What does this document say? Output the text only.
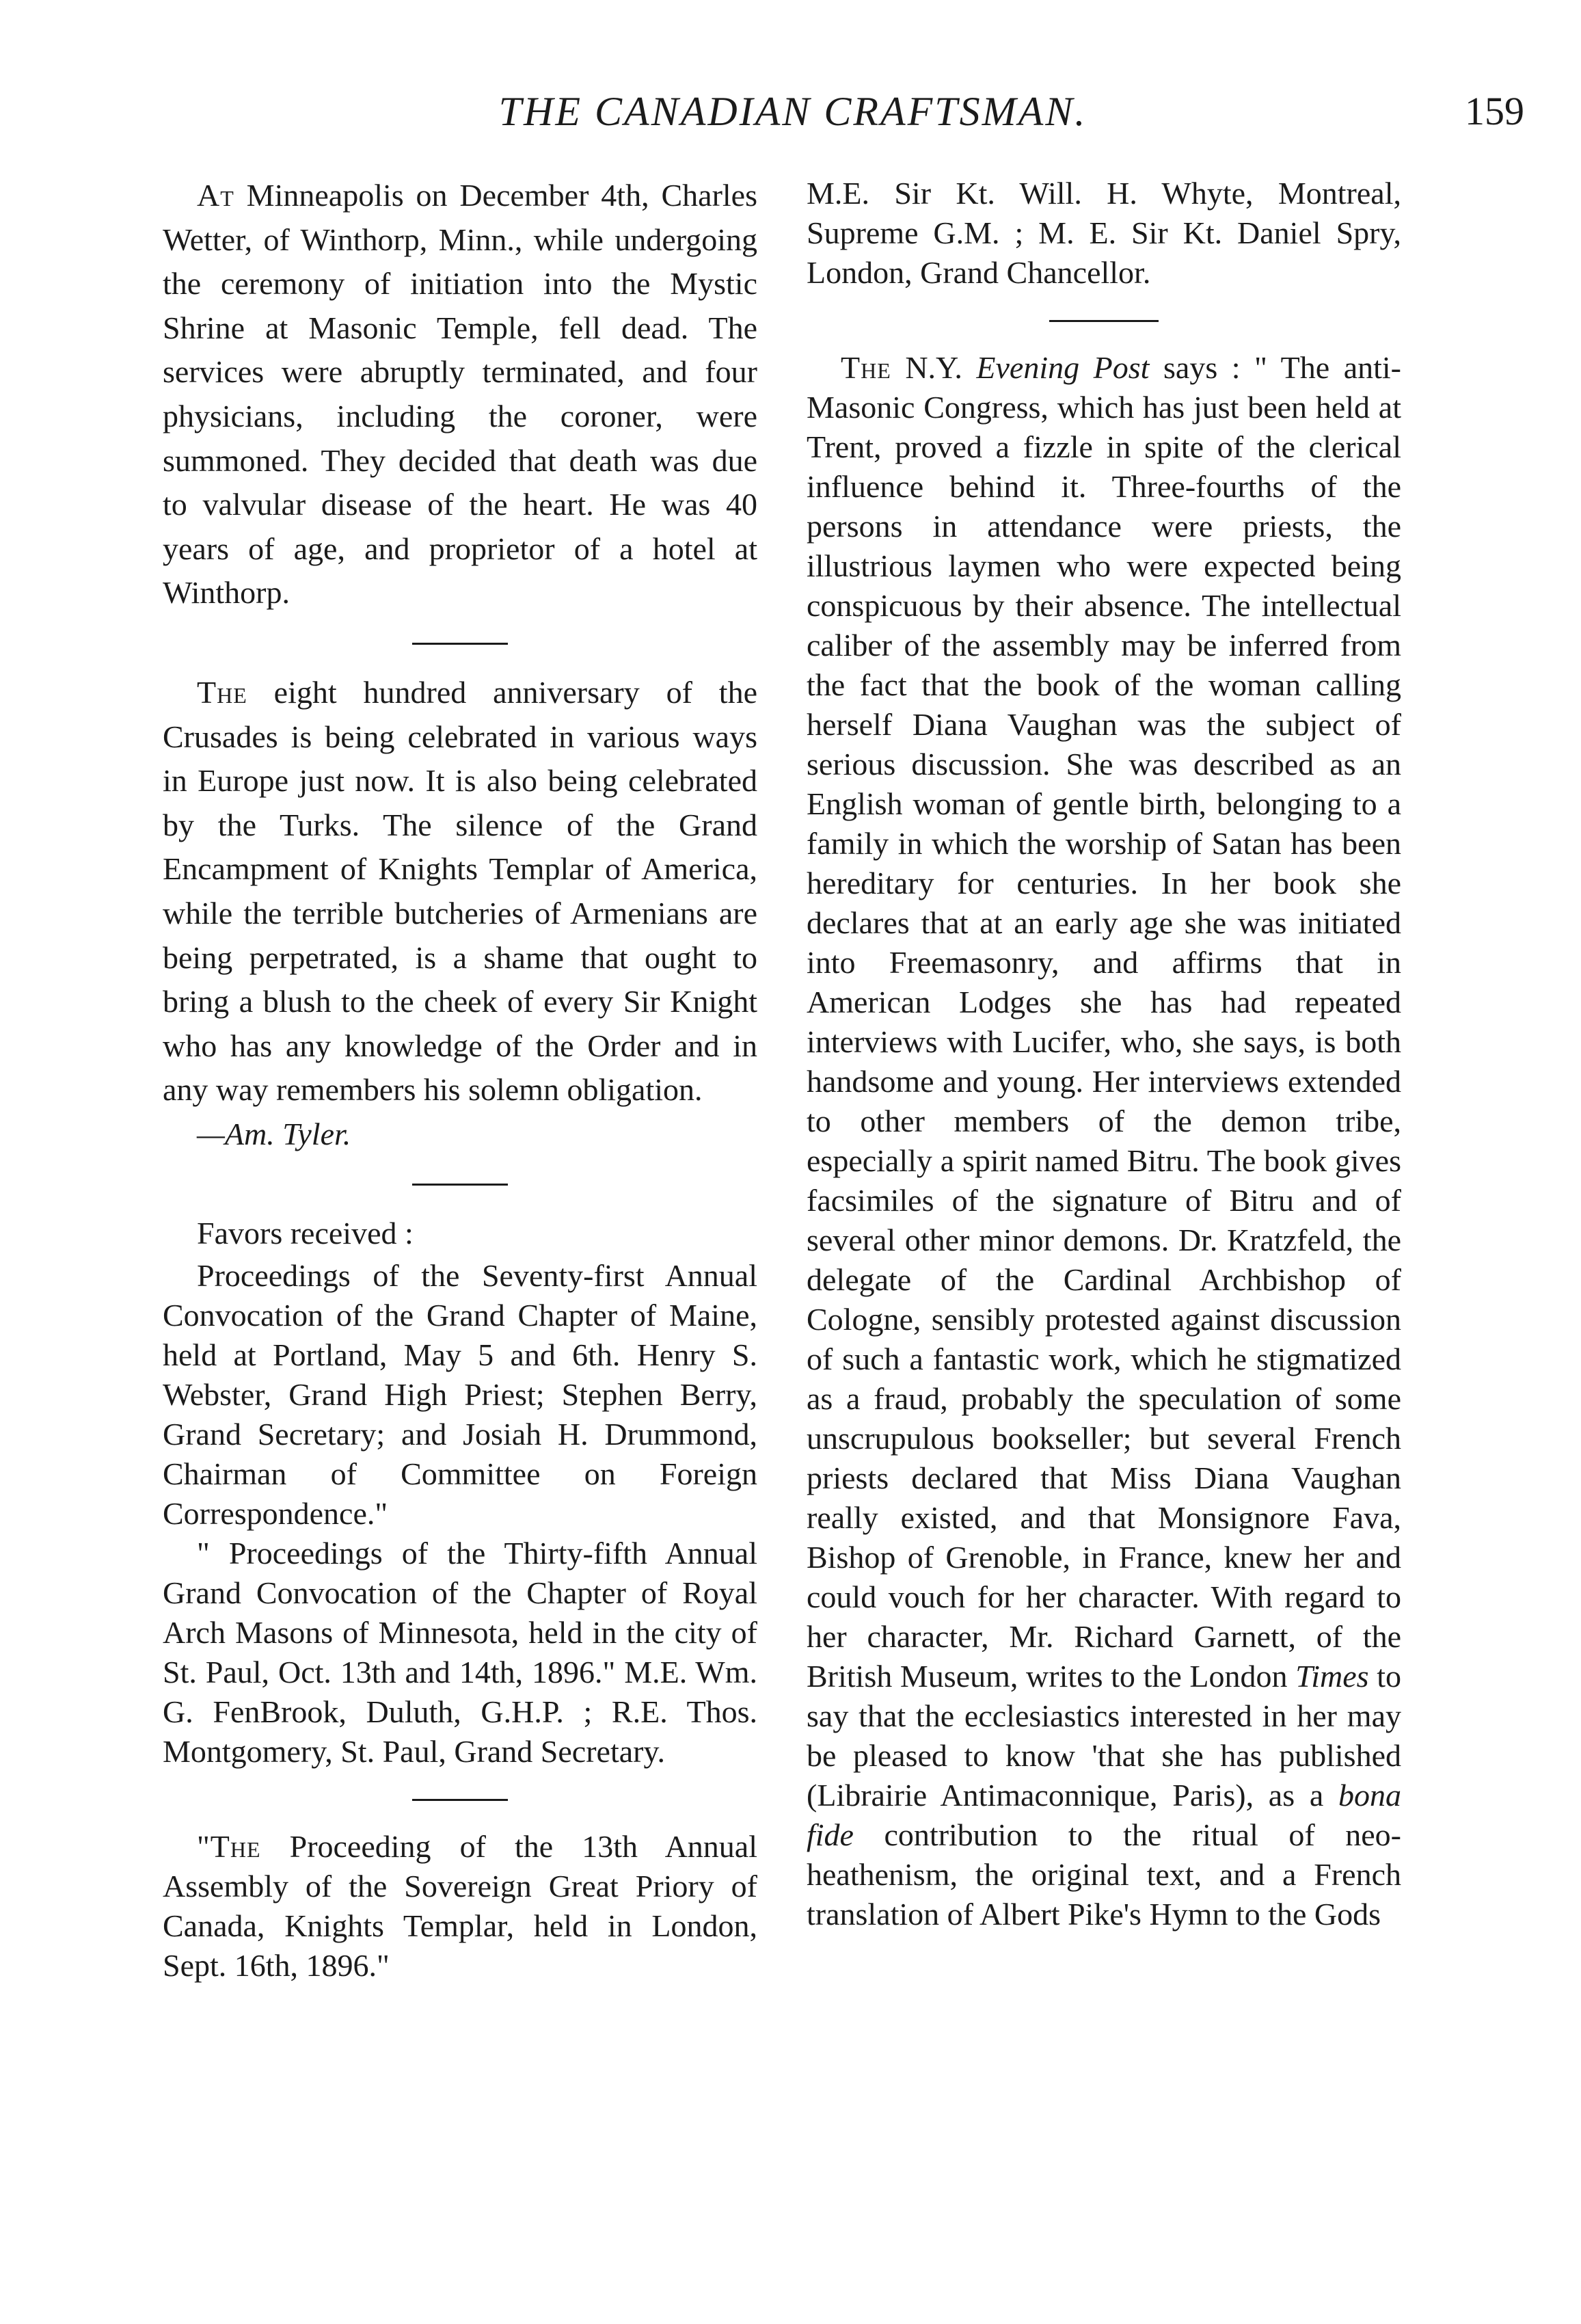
THE CANADIAN CRAFTSMAN.	159

At Minneapolis on December 4th, Charles Wetter, of Winthorp, Minn., while undergoing the ceremony of initiation into the Mystic Shrine at Masonic Temple, fell dead. The services were abruptly terminated, and four physicians, including the coroner, were summoned. They decided that death was due to valvular disease of the heart. He was 40 years of age, and proprietor of a hotel at Winthorp.

The eight hundred anniversary of the Crusades is being celebrated in various ways in Europe just now. It is also being celebrated by the Turks. The silence of the Grand Encampment of Knights Templar of America, while the terrible butcheries of Armenians are being perpetrated, is a shame that ought to bring a blush to the cheek of every Sir Knight who has any knowledge of the Order and in any way remembers his solemn obligation.

—Am. Tyler.

Favors received :

Proceedings of the Seventy-first Annual Convocation of the Grand Chapter of Maine, held at Portland, May 5 and 6th. Henry S. Webster, Grand High Priest; Stephen Berry, Grand Secretary; and Josiah H. Drummond, Chairman of Committee on Foreign Correspondence."

" Proceedings of the Thirty-fifth Annual Grand Convocation of the Chapter of Royal Arch Masons of Minnesota, held in the city of St. Paul, Oct. 13th and 14th, 1896." M.E. Wm. G. FenBrook, Duluth, G.H.P. ; R.E. Thos. Montgomery, St. Paul, Grand Secretary.

"The Proceeding of the 13th Annual Assembly of the Sovereign Great Priory of Canada, Knights Templar, held in London, Sept. 16th, 1896."

M.E. Sir Kt. Will. H. Whyte, Montreal, Supreme G.M. ; M. E. Sir Kt. Daniel Spry, London, Grand Chancellor.

The N.Y. Evening Post says : " The anti-Masonic Congress, which has just been held at Trent, proved a fizzle in spite of the clerical influence behind it. Three-fourths of the persons in attendance were priests, the illustrious laymen who were expected being conspicuous by their absence. The intellectual caliber of the assembly may be inferred from the fact that the book of the woman calling herself Diana Vaughan was the subject of serious discussion. She was described as an English woman of gentle birth, belonging to a family in which the worship of Satan has been hereditary for centuries. In her book she declares that at an early age she was initiated into Freemasonry, and affirms that in American Lodges she has had repeated interviews with Lucifer, who, she says, is both handsome and young. Her interviews extended to other members of the demon tribe, especially a spirit named Bitru. The book gives facsimiles of the signature of Bitru and of several other minor demons. Dr. Kratzfeld, the delegate of the Cardinal Archbishop of Cologne, sensibly protested against discussion of such a fantastic work, which he stigmatized as a fraud, probably the speculation of some unscrupulous bookseller; but several French priests declared that Miss Diana Vaughan really existed, and that Monsignore Fava, Bishop of Grenoble, in France, knew her and could vouch for her character. With regard to her character, Mr. Richard Garnett, of the British Museum, writes to the London Times to say that the ecclesiastics interested in her may be pleased to know 'that she has published (Librairie Antimaconnique, Paris), as a bona fide contribution to the ritual of neo-heathenism, the original text, and a French translation of Albert Pike's Hymn to the Gods
